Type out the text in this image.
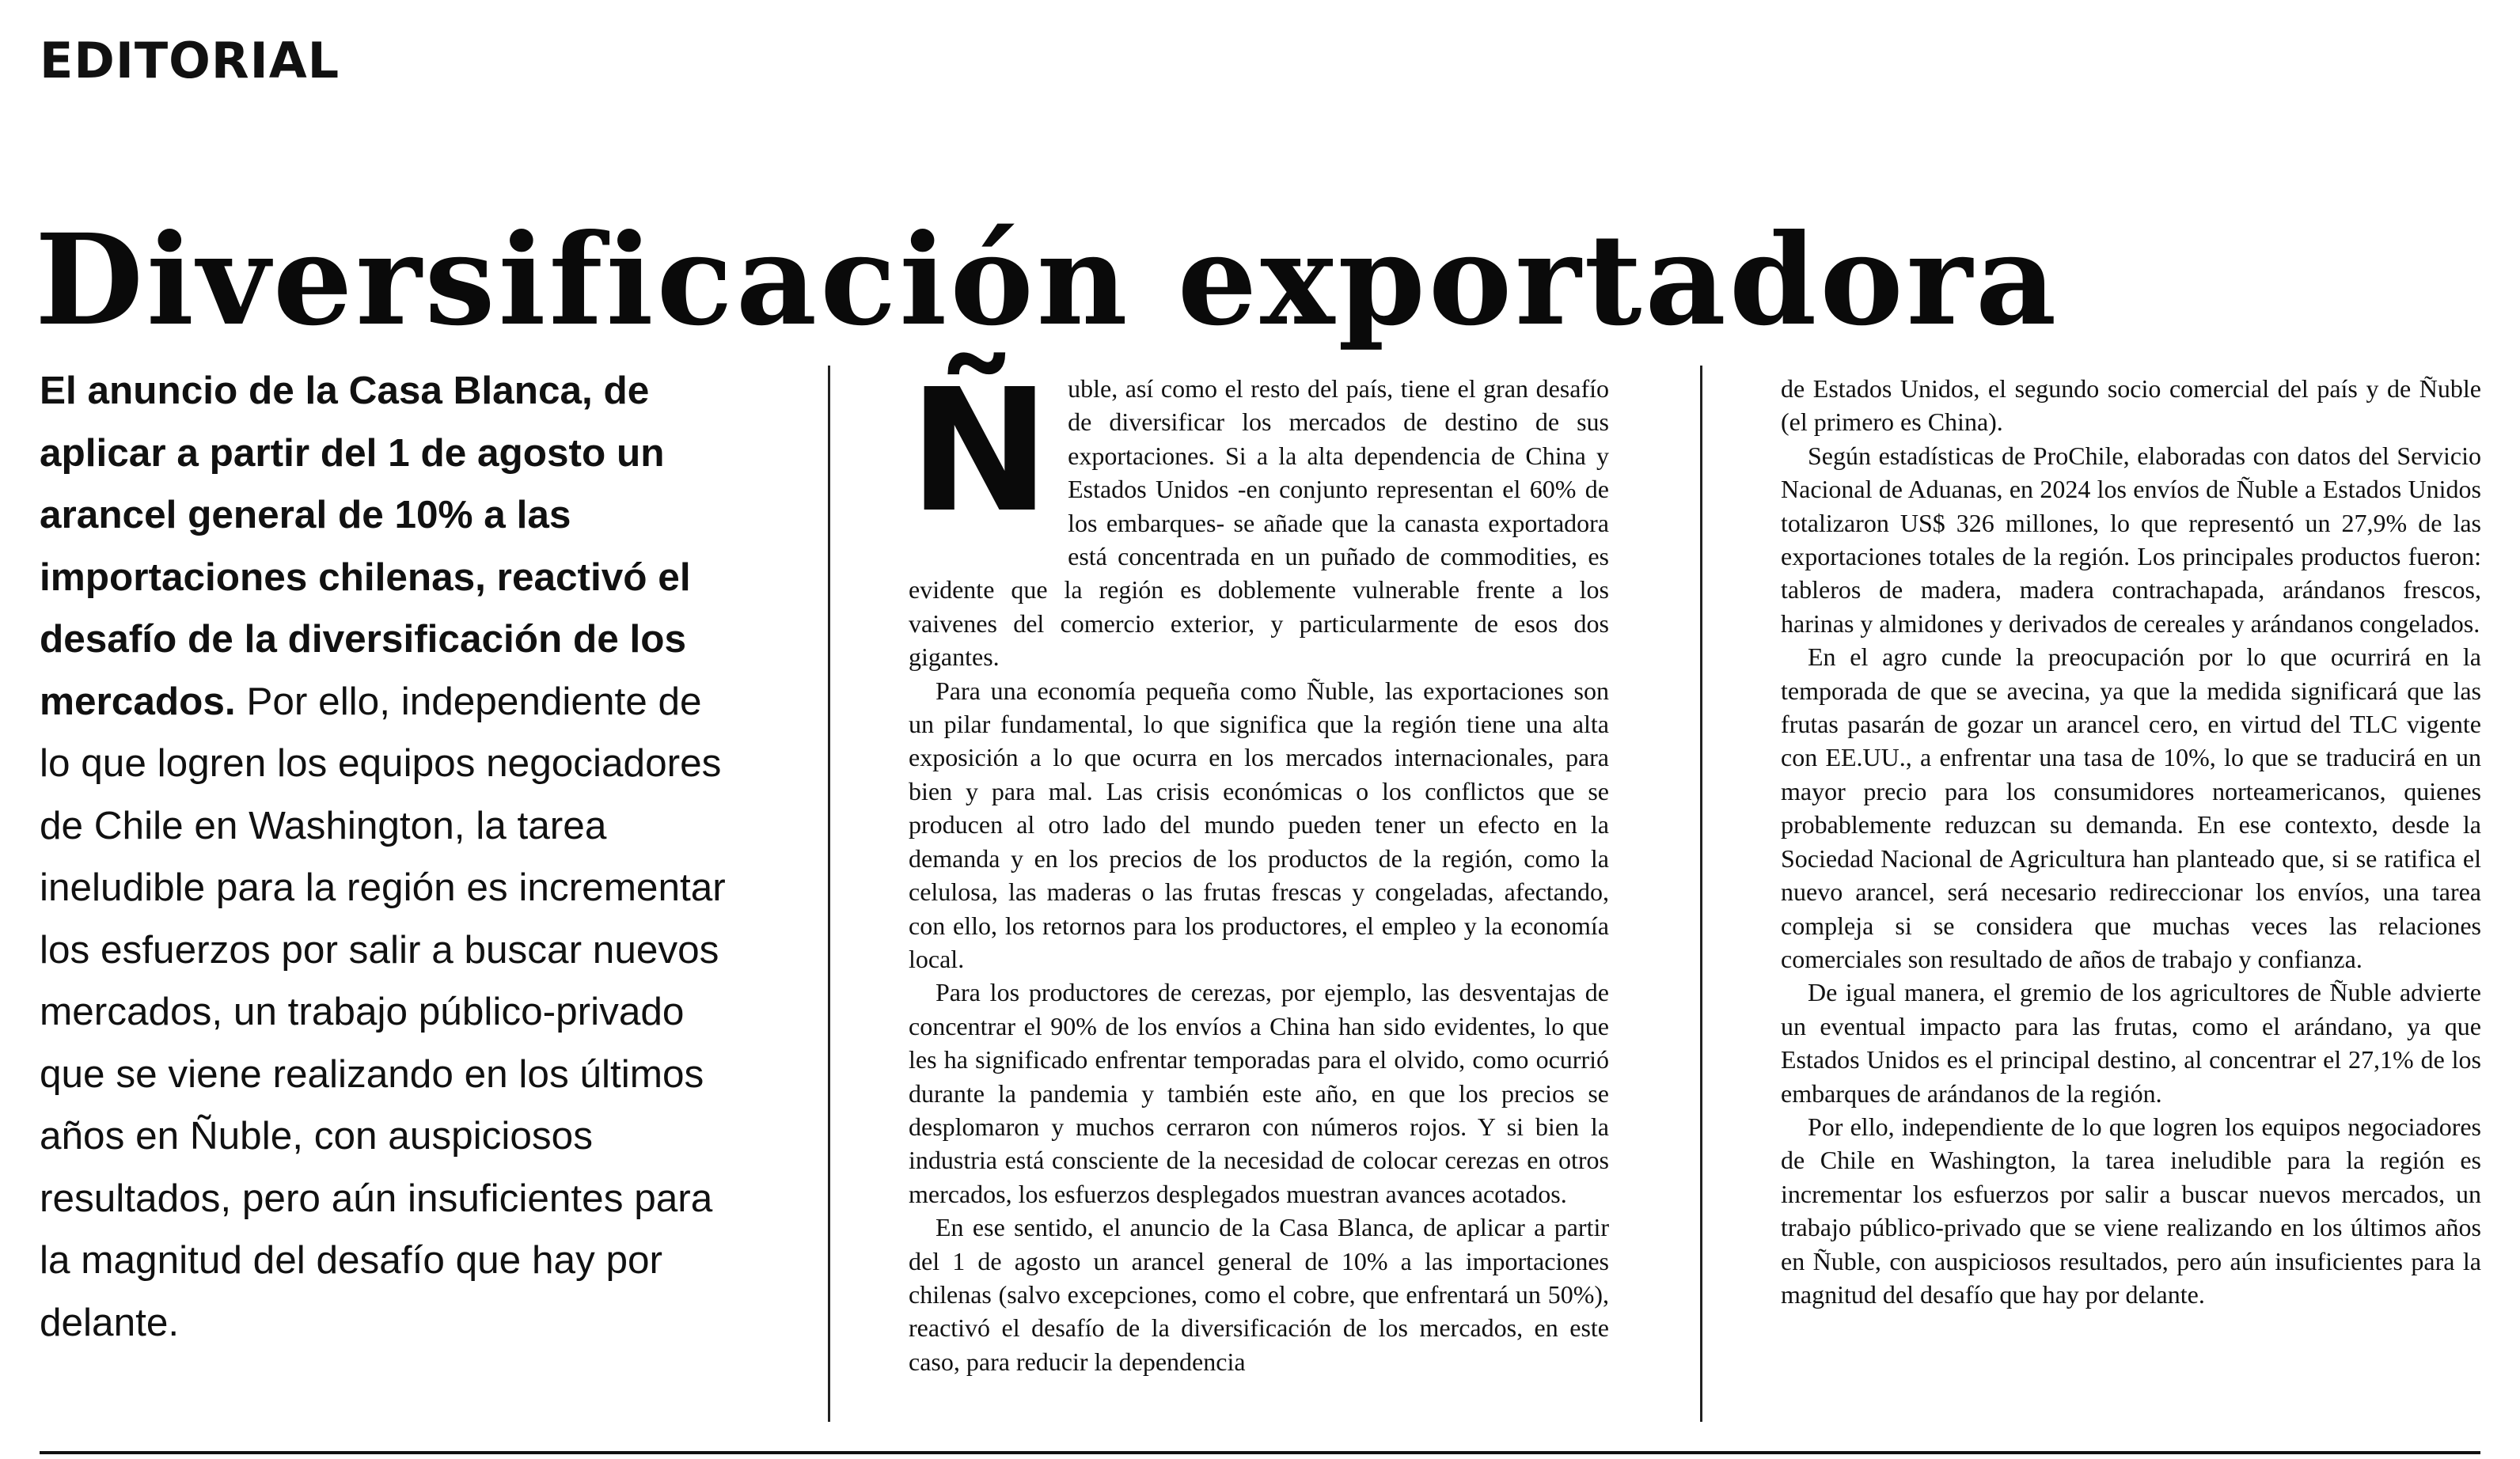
EDITORIAL
Diversificación exportadora
El anuncio de la Casa Blanca, de aplicar a partir del 1 de agosto un arancel general de 10% a las importaciones chilenas, reactivó el desafío de la diversificación de los mercados. Por ello, independiente de lo que logren los equipos negociadores de Chile en Washington, la tarea ineludible para la región es incrementar los esfuerzos por salir a buscar nuevos mercados, un trabajo público-privado que se viene realizando en los últimos años en Ñuble, con auspiciosos resultados, pero aún insuficientes para la magnitud del desafío que hay por delante.

Ñuble, así como el resto del país, tiene el gran desafío de diversificar los mercados de destino de sus exportaciones. Si a la alta dependencia de China y Estados Unidos -en conjunto representan el 60% de los embarques- se añade que la canasta exportadora está concentrada en un puñado de commodities, es evidente que la región es doblemente vulnerable frente a los vaivenes del comercio exterior, y particularmente de esos dos gigantes.

Para una economía pequeña como Ñuble, las exportaciones son un pilar fundamental, lo que significa que la región tiene una alta exposición a lo que ocurra en los mercados internacionales, para bien y para mal. Las crisis económicas o los conflictos que se producen al otro lado del mundo pueden tener un efecto en la demanda y en los precios de los productos de la región, como la celulosa, las maderas o las frutas frescas y congeladas, afectando, con ello, los retornos para los productores, el empleo y la economía local.

Para los productores de cerezas, por ejemplo, las desventajas de concentrar el 90% de los envíos a China han sido evidentes, lo que les ha significado enfrentar temporadas para el olvido, como ocurrió durante la pandemia y también este año, en que los precios se desplomaron y muchos cerraron con números rojos. Y si bien la industria está consciente de la necesidad de colocar cerezas en otros mercados, los esfuerzos desplegados muestran avances acotados.

En ese sentido, el anuncio de la Casa Blanca, de aplicar a partir del 1 de agosto un arancel general de 10% a las importaciones chilenas (salvo excepciones, como el cobre, que enfrentará un 50%), reactivó el desafío de la diversificación de los mercados, en este caso, para reducir la dependencia

de Estados Unidos, el segundo socio comercial del país y de Ñuble (el primero es China).

Según estadísticas de ProChile, elaboradas con datos del Servicio Nacional de Aduanas, en 2024 los envíos de Ñuble a Estados Unidos totalizaron US$ 326 millones, lo que representó un 27,9% de las exportaciones totales de la región. Los principales productos fueron: tableros de madera, madera contrachapada, arándanos frescos, harinas y almidones y derivados de cereales y arándanos congelados.

En el agro cunde la preocupación por lo que ocurrirá en la temporada de que se avecina, ya que la medida significará que las frutas pasarán de gozar un arancel cero, en virtud del TLC vigente con EE.UU., a enfrentar una tasa de 10%, lo que se traducirá en un mayor precio para los consumidores norteamericanos, quienes probablemente reduzcan su demanda. En ese contexto, desde la Sociedad Nacional de Agricultura han planteado que, si se ratifica el nuevo arancel, será necesario redireccionar los envíos, una tarea compleja si se considera que muchas veces las relaciones comerciales son resultado de años de trabajo y confianza.

De igual manera, el gremio de los agricultores de Ñuble advierte un eventual impacto para las frutas, como el arándano, ya que Estados Unidos es el principal destino, al concentrar el 27,1% de los embarques de arándanos de la región.

Por ello, independiente de lo que logren los equipos negociadores de Chile en Washington, la tarea ineludible para la región es incrementar los esfuerzos por salir a buscar nuevos mercados, un trabajo público-privado que se viene realizando en los últimos años en Ñuble, con auspiciosos resultados, pero aún insuficientes para la magnitud del desafío que hay por delante.
